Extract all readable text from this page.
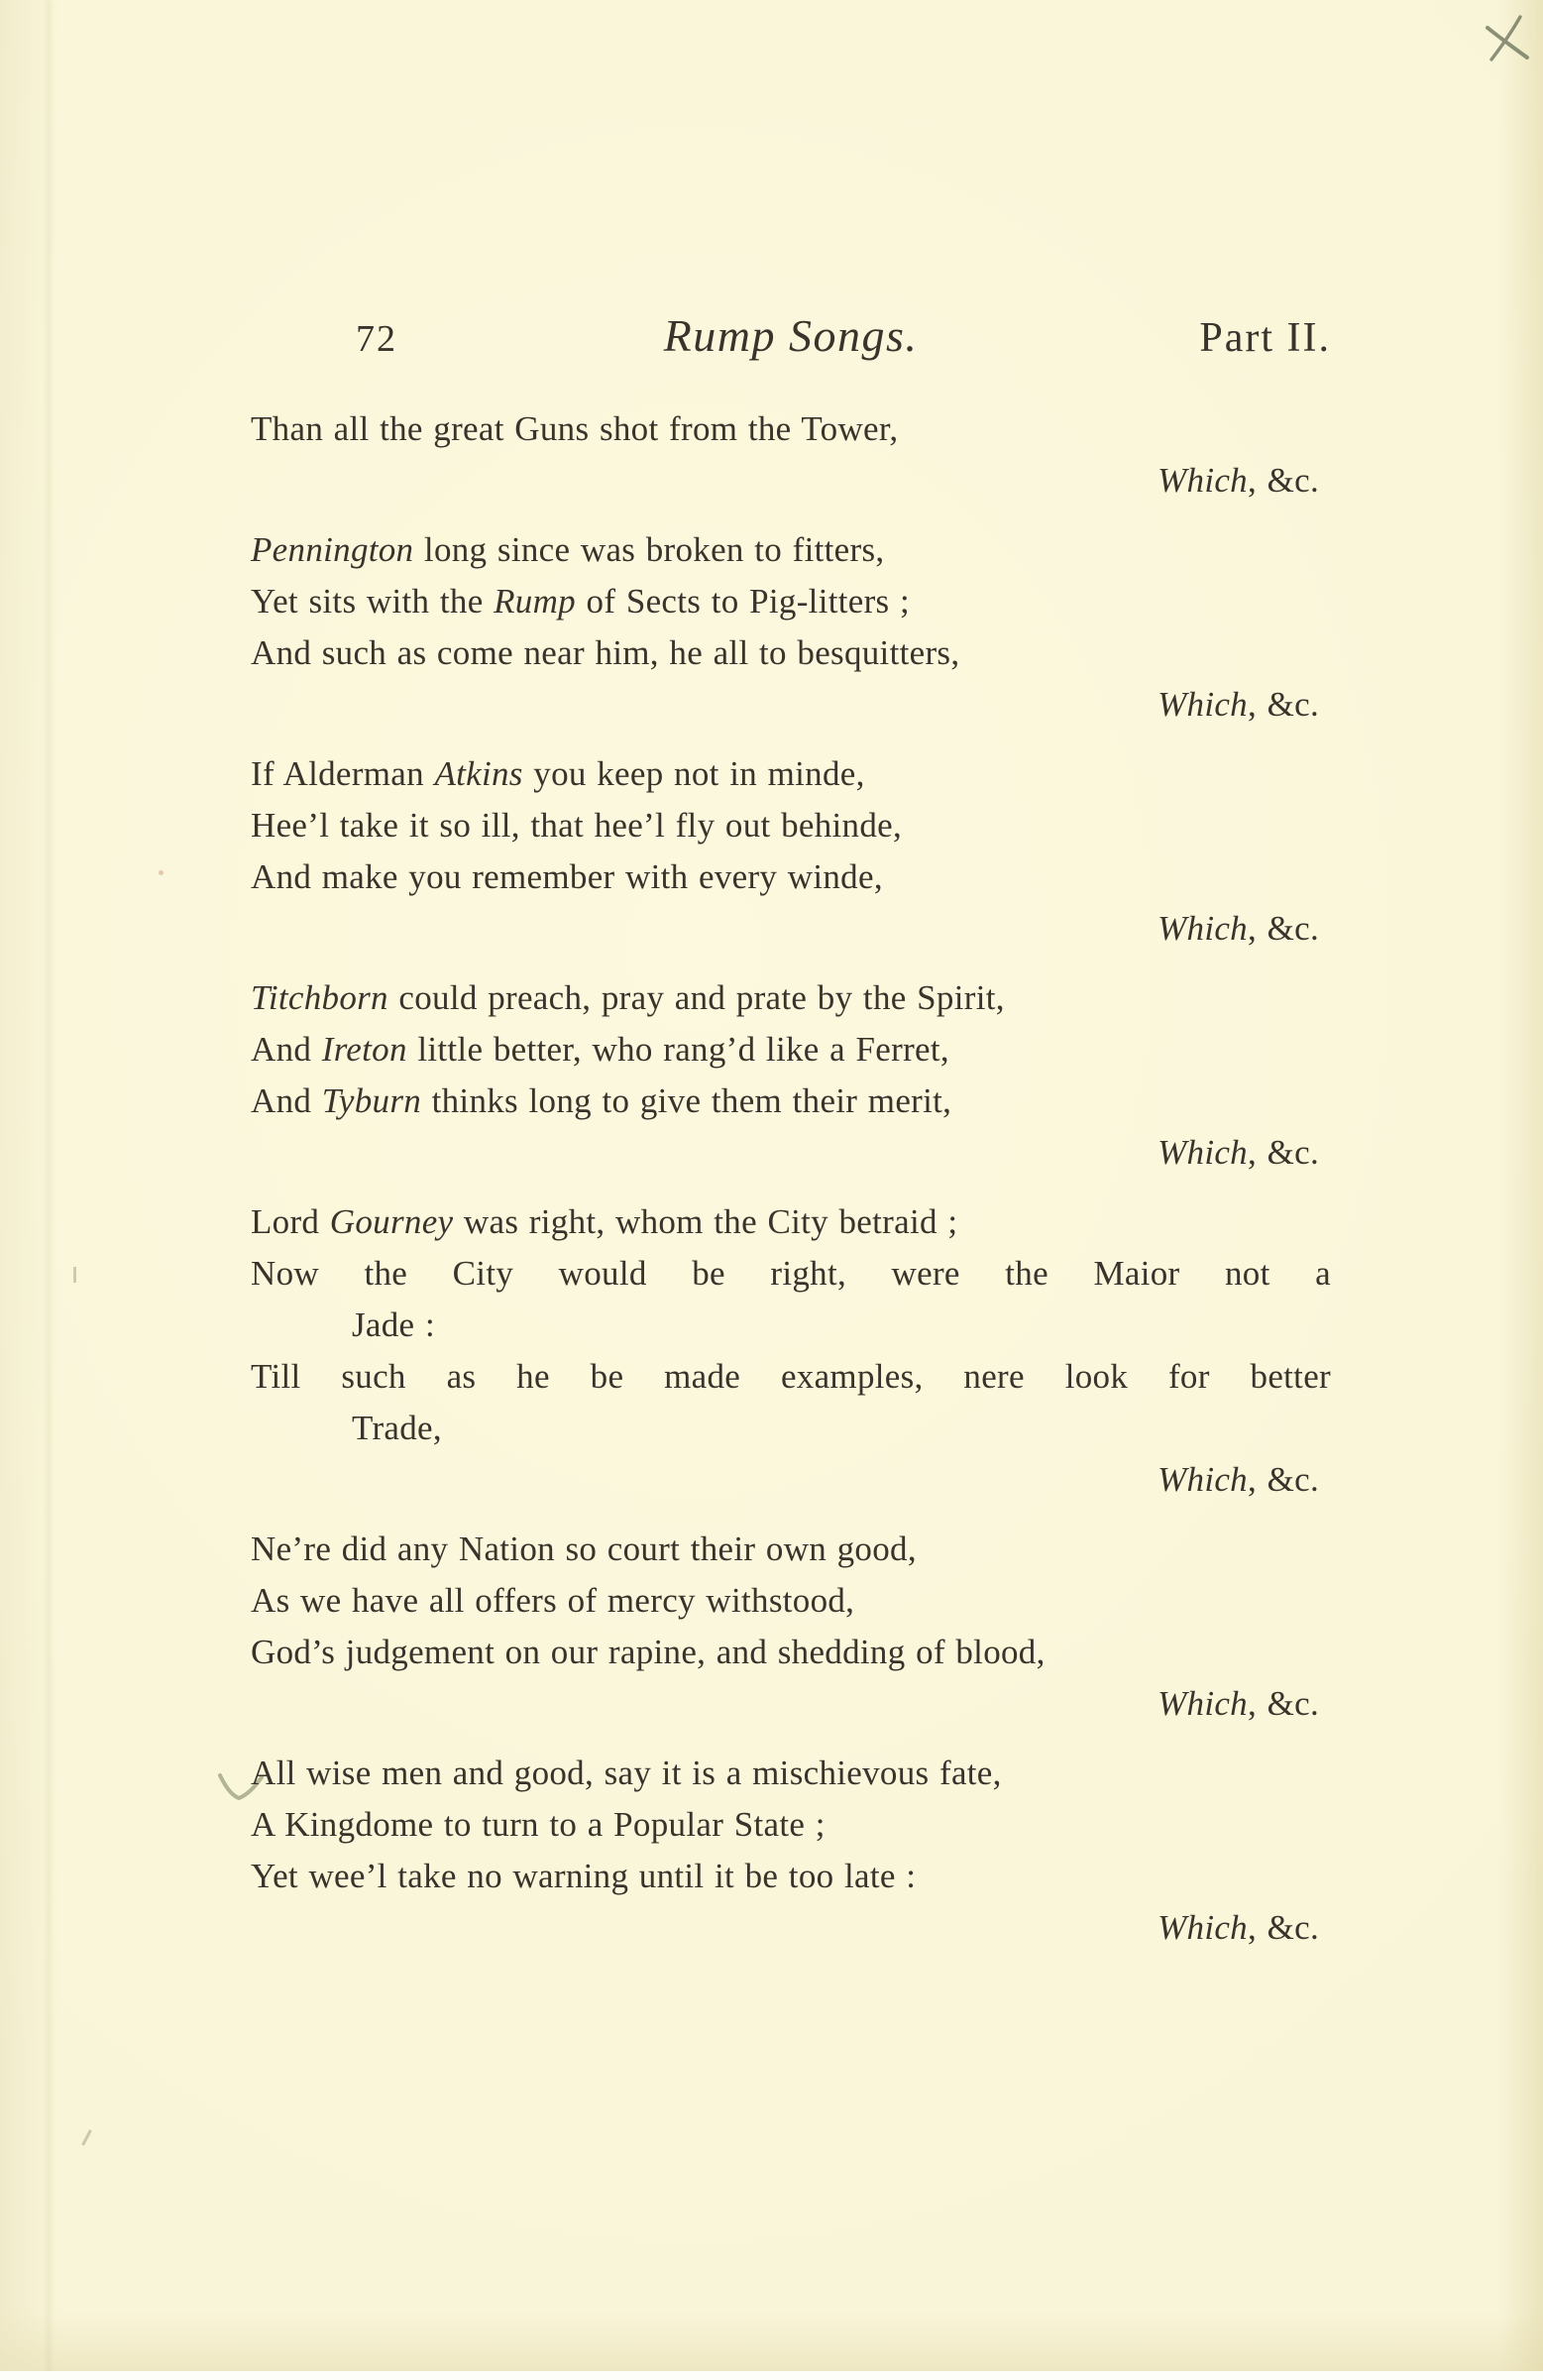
72	Rump Songs.	Part II.
Than all the great Guns shot from the Tower,
Which, &c.
Pennington long since was broken to fitters,
Yet sits with the Rump of Sects to Pig-litters ;
And such as come near him, he all to besquitters,
Which, &c.
If Alderman Atkins you keep not in minde,
Hee’l take it so ill, that hee’l fly out behinde,
And make you remember with every winde,
Which, &c.
Titchborn could preach, pray and prate by the Spirit,
And Ireton little better, who rang’d like a Ferret,
And Tyburn thinks long to give them their merit,
Which, &c.
Lord Gourney was right, whom the City betraid ;
Now the City would be right, were the Maior not a
Jade :
Till such as he be made examples, nere look for better
Trade,
Which, &c.
Ne’re did any Nation so court their own good,
As we have all offers of mercy withstood,
God’s judgement on our rapine, and shedding of blood,
Which, &c.
All wise men and good, say it is a mischievous fate,
A Kingdome to turn to a Popular State ;
Yet wee’l take no warning until it be too late :
Which, &c.
